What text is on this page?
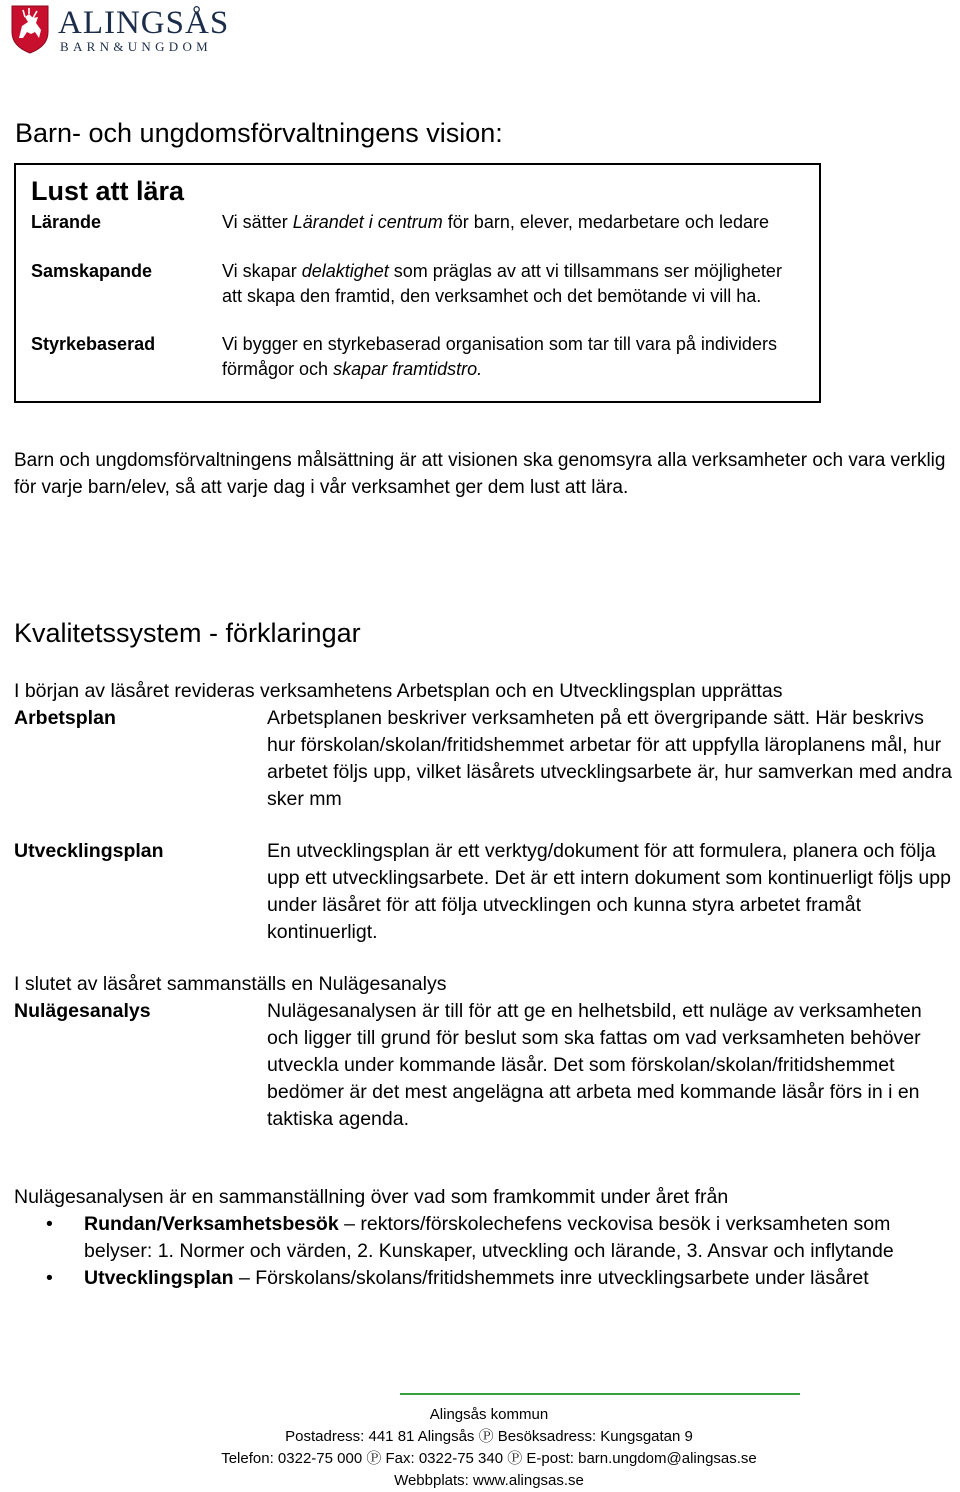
ALINGSÅS
BARN&UNGDOM
Barn- och ungdomsförvaltningens vision:
Lust att lära
Lärande	Vi sätter Lärandet i centrum för barn, elever, medarbetare och ledare
Samskapande	Vi skapar delaktighet som präglas av att vi tillsammans ser möjligheter att skapa den framtid, den verksamhet och det bemötande vi vill ha.
Styrkebaserad	Vi bygger en styrkebaserad organisation som tar till vara på individers förmågor och skapar framtidstro.

Barn och ungdomsförvaltningens målsättning är att visionen ska genomsyra alla verksamheter och vara verklig för varje barn/elev, så att varje dag i vår verksamhet ger dem lust att lära.

Kvalitetssystem - förklaringar
I början av läsåret revideras verksamhetens Arbetsplan och en Utvecklingsplan upprättas
Arbetsplan	Arbetsplanen beskriver verksamheten på ett övergripande sätt. Här beskrivs hur förskolan/skolan/fritidshemmet arbetar för att uppfylla läroplanens mål, hur arbetet följs upp, vilket läsårets utvecklingsarbete är, hur samverkan med andra sker mm
Utvecklingsplan	En utvecklingsplan är ett verktyg/dokument för att formulera, planera och följa upp ett utvecklingsarbete. Det är ett intern dokument som kontinuerligt följs upp under läsåret för att följa utvecklingen och kunna styra arbetet framåt kontinuerligt.
I slutet av läsåret sammanställs en Nulägesanalys
Nulägesanalys	Nulägesanalysen är till för att ge en helhetsbild, ett nuläge av verksamheten och ligger till grund för beslut som ska fattas om vad verksamheten behöver utveckla under kommande läsår. Det som förskolan/skolan/fritidshemmet bedömer är det mest angelägna att arbeta med kommande läsår förs in i en taktiska agenda.
Nulägesanalysen är en sammanställning över vad som framkommit under året från
• Rundan/Verksamhetsbesök – rektors/förskolechefens veckovisa besök i verksamheten som belyser: 1. Normer och värden, 2. Kunskaper, utveckling och lärande, 3. Ansvar och inflytande
• Utvecklingsplan – Förskolans/skolans/fritidshemmets inre utvecklingsarbete under läsåret
Alingsås kommun
Postadress: 441 81 Alingsås Ⓟ Besöksadress: Kungsgatan 9
Telefon: 0322-75 000 Ⓟ Fax: 0322-75 340 Ⓟ E-post: barn.ungdom@alingsas.se
Webbplats: www.alingsas.se
